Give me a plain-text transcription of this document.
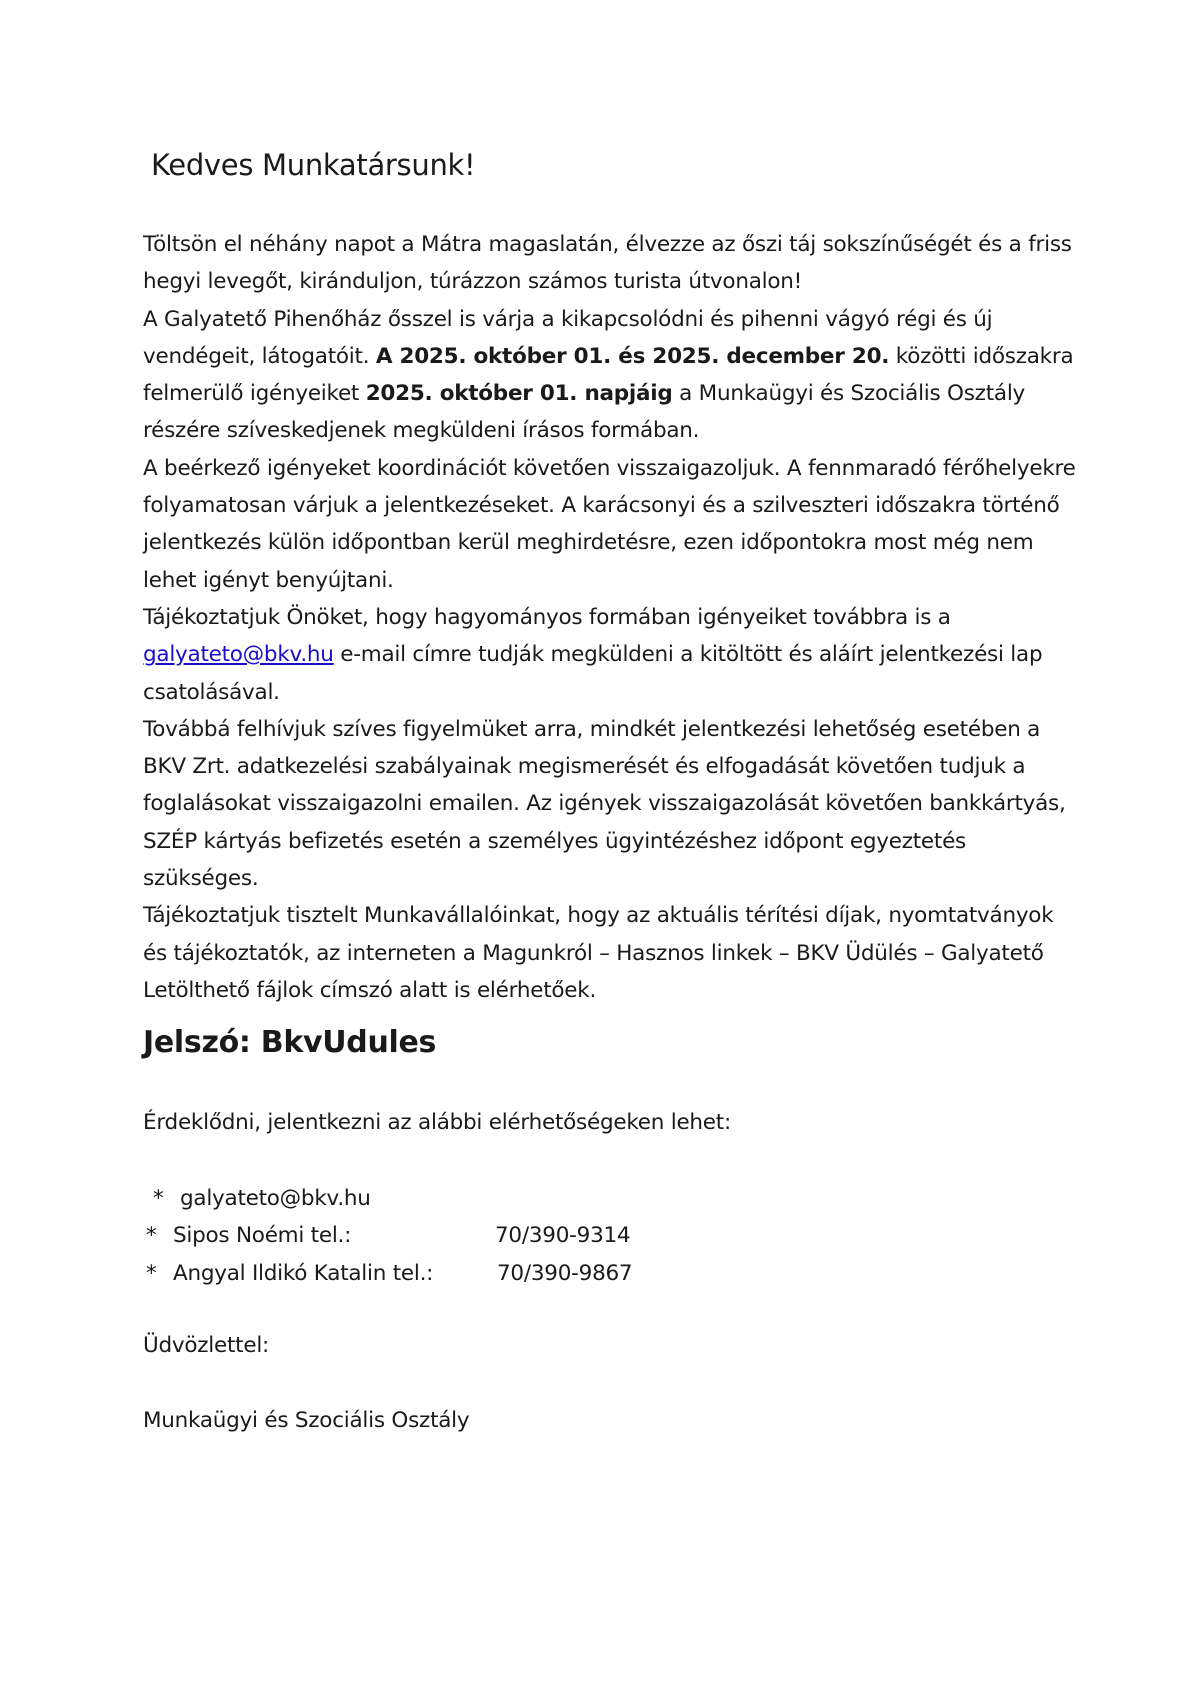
Kedves Munkatársunk!

Töltsön el néhány napot a Mátra magaslatán, élvezze az őszi táj sokszínűségét és a friss hegyi levegőt, kiránduljon, túrázzon számos turista útvonalon!

A Galyatető Pihenőház ősszel is várja a kikapcsolódni és pihenni vágyó régi és új vendégeit, látogatóit. A 2025. október 01. és 2025. december 20. közötti időszakra felmerülő igényeiket 2025. október 01. napjáig a Munkaügyi és Szociális Osztály részére szíveskedjenek megküldeni írásos formában.

A beérkező igényeket koordinációt követően visszaigazoljuk. A fennmaradó férőhelyekre folyamatosan várjuk a jelentkezéseket. A karácsonyi és a szilveszteri időszakra történő jelentkezés külön időpontban kerül meghirdetésre, ezen időpontokra most még nem lehet igényt benyújtani.

Tájékoztatjuk Önöket, hogy hagyományos formában igényeiket továbbra is a galyateto@bkv.hu e-mail címre tudják megküldeni a kitöltött és aláírt jelentkezési lap csatolásával.

Továbbá felhívjuk szíves figyelmüket arra, mindkét jelentkezési lehetőség esetében a BKV Zrt. adatkezelési szabályainak megismerését és elfogadását követően tudjuk a foglalásokat visszaigazolni emailen. Az igények visszaigazolását követően bankkártyás, SZÉP kártyás befizetés esetén a személyes ügyintézéshez időpont egyeztetés szükséges.

Tájékoztatjuk tisztelt Munkavállalóinkat, hogy az aktuális térítési díjak, nyomtatványok és tájékoztatók, az interneten a Magunkról – Hasznos linkek – BKV Üdülés – Galyatető Letölthető fájlok címszó alatt is elérhetőek.

Jelszó: BkvUdules

Érdeklődni, jelentkezni az alábbi elérhetőségeken lehet:

* galyateto@bkv.hu
* Sipos Noémi tel.:	70/390-9314
* Angyal Ildikó Katalin tel.:	70/390-9867

Üdvözlettel:

Munkaügyi és Szociális Osztály
